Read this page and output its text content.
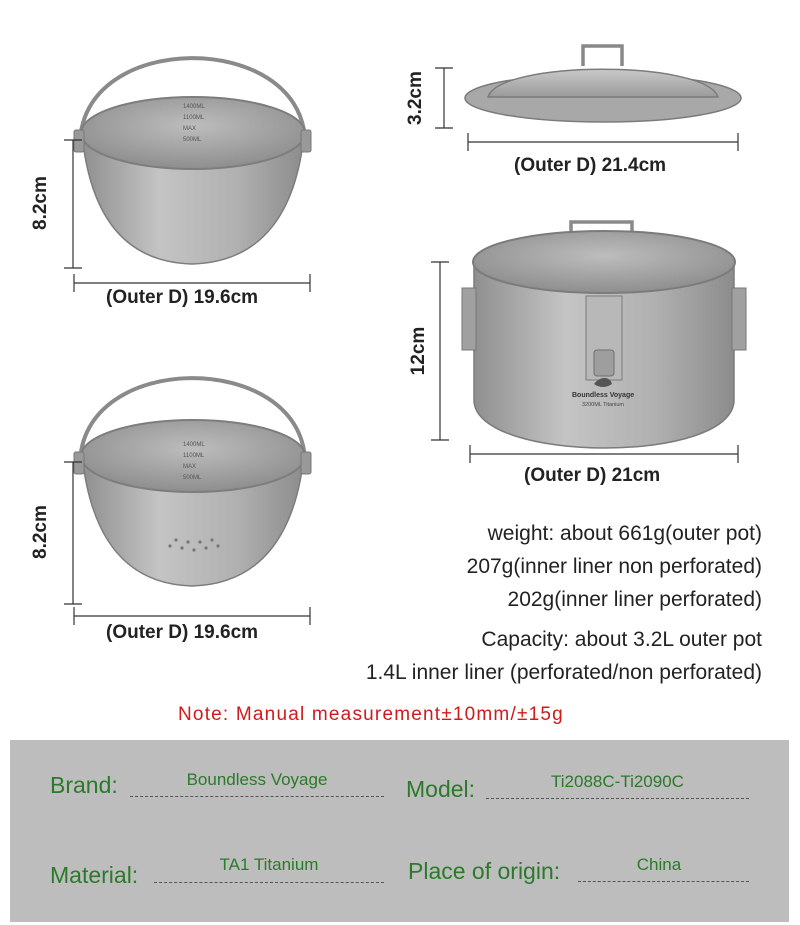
1400ML
1100ML
MAX
500ML
1400ML
1100ML
MAX
500ML
Boundless Voyage
3200ML Titanium
8.2cm
(Outer D) 19.6cm
8.2cm
(Outer D) 19.6cm
3.2cm
(Outer D) 21.4cm
12cm
(Outer D) 21cm
weight: about 661g(outer pot)
207g(inner liner non perforated)
202g(inner liner perforated)
Capacity: about 3.2L outer pot
1.4L inner liner (perforated/non perforated)
Note: Manual measurement±10mm/±15g
Brand:	Boundless Voyage	Model:	Ti2088C-Ti2090C
Material:	TA1 Titanium	Place of origin:	China
